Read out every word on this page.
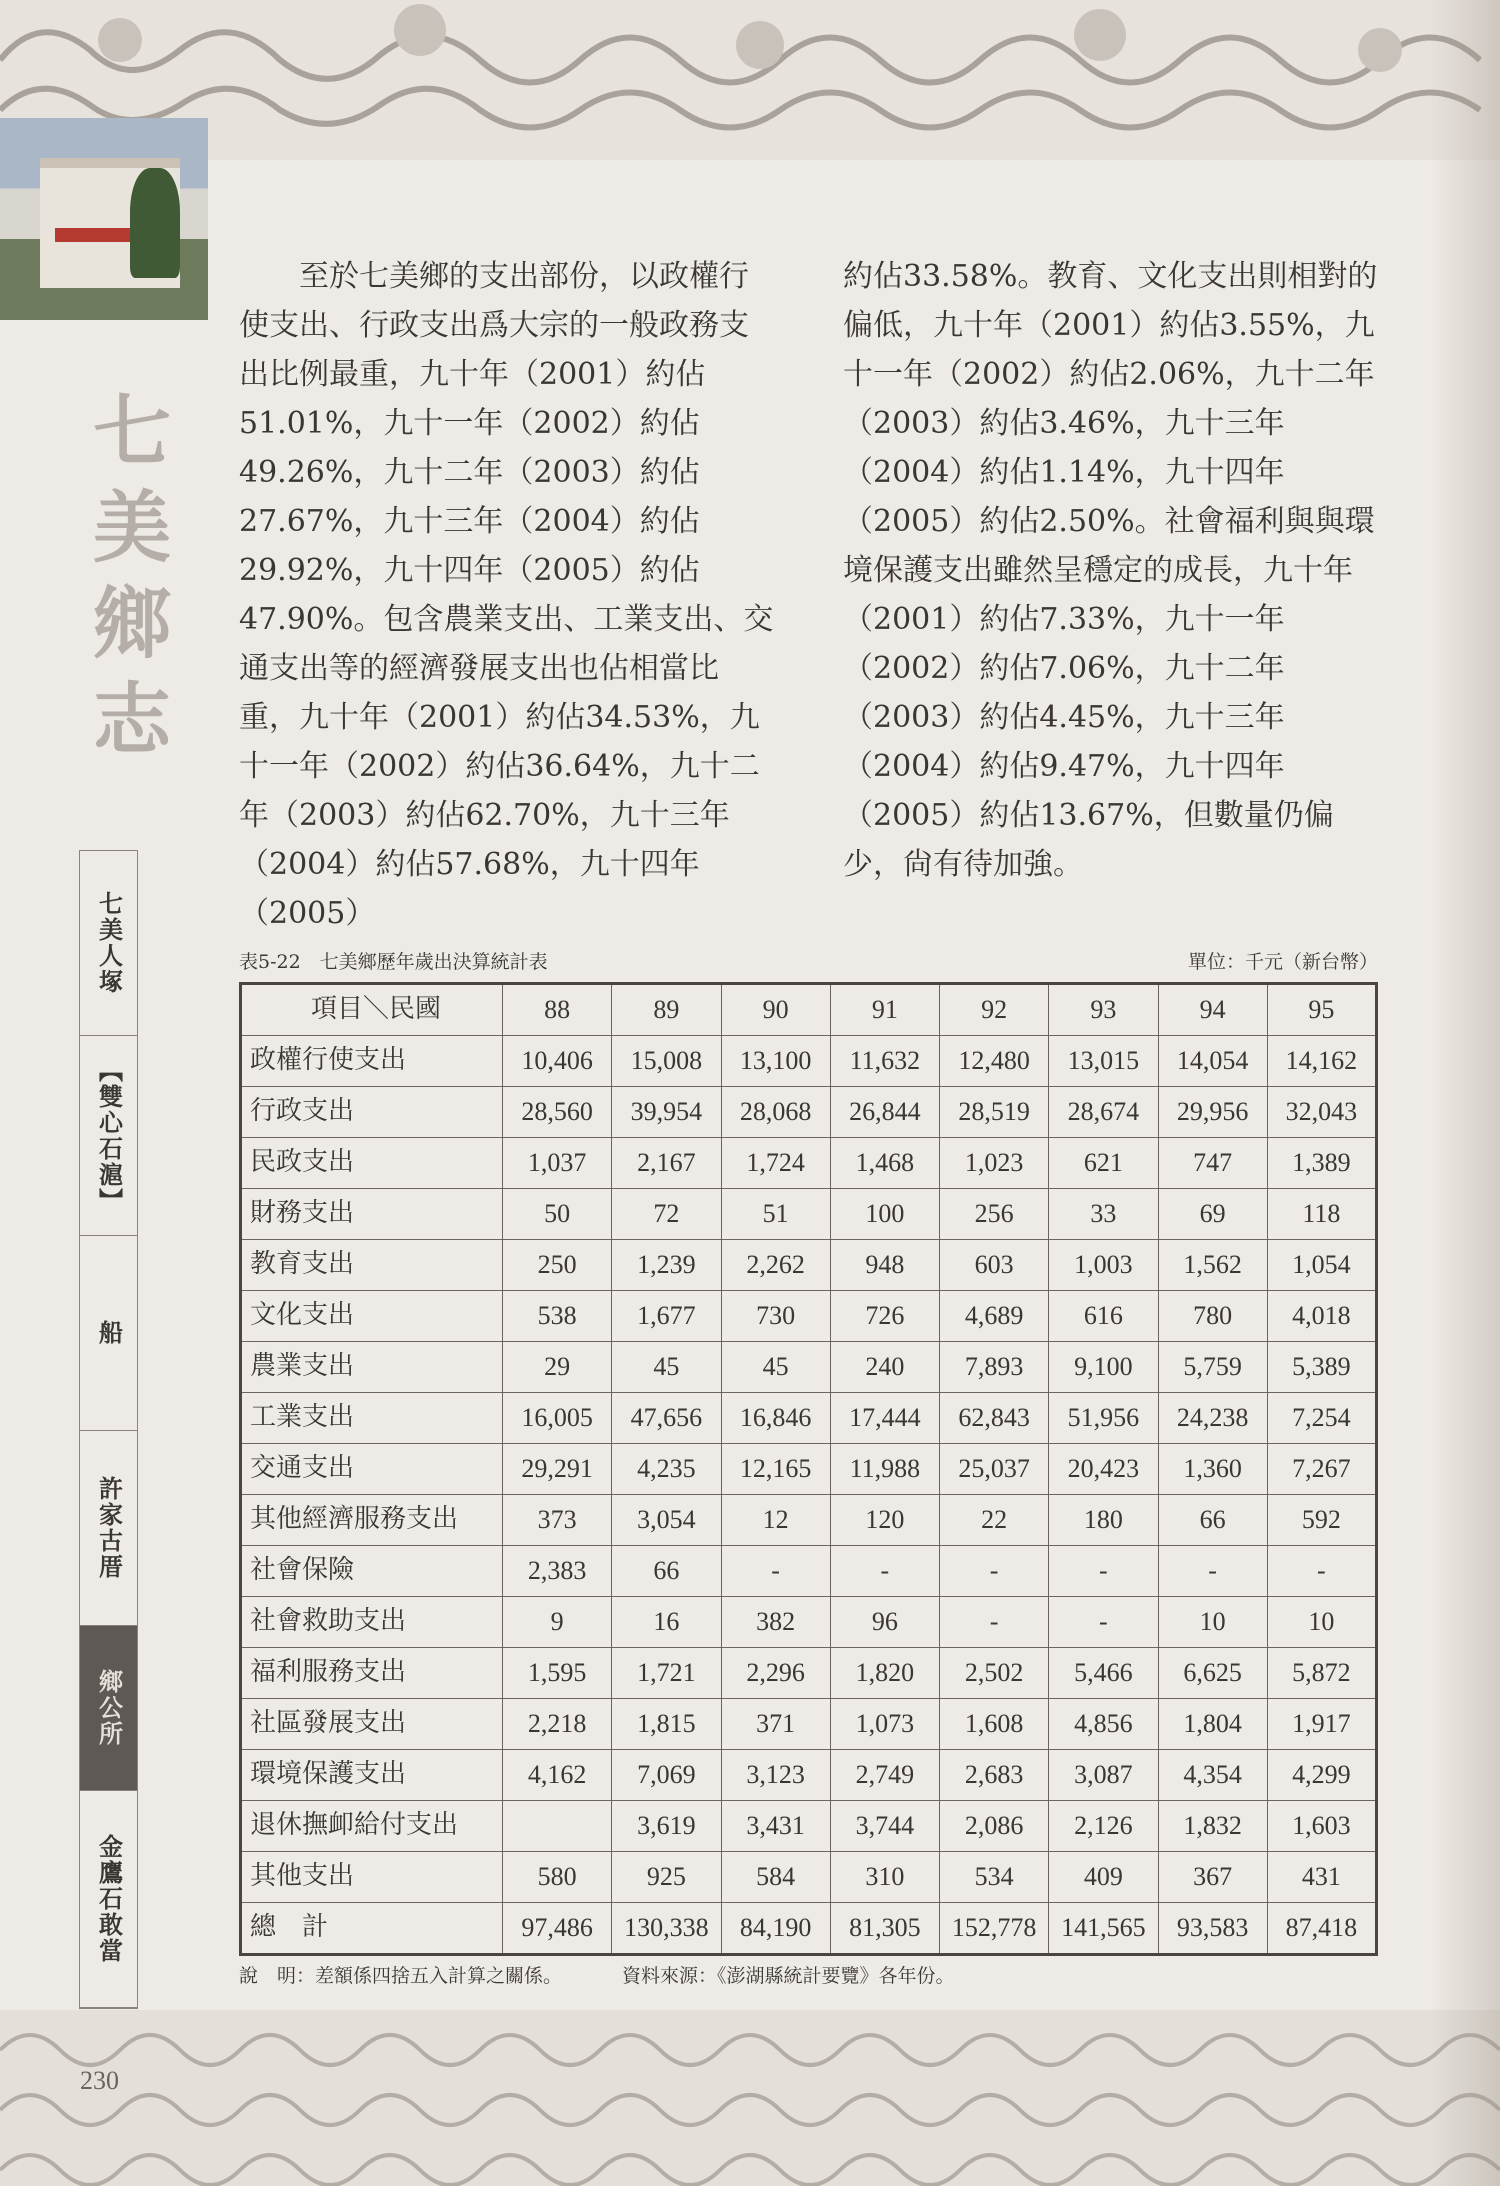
七美鄉志

至於七美鄉的支出部份，以政權行使支出、行政支出爲大宗的一般政務支出比例最重，九十年（2001）約佔51.01%，九十一年（2002）約佔49.26%，九十二年（2003）約佔27.67%，九十三年（2004）約佔29.92%，九十四年（2005）約佔47.90%。包含農業支出、工業支出、交通支出等的經濟發展支出也佔相當比重，九十年（2001）約佔34.53%，九十一年（2002）約佔36.64%，九十二年（2003）約佔62.70%，九十三年（2004）約佔57.68%，九十四年（2005）

約佔33.58%。教育、文化支出則相對的偏低，九十年（2001）約佔3.55%，九十一年（2002）約佔2.06%，九十二年（2003）約佔3.46%，九十三年（2004）約佔1.14%，九十四年（2005）約佔2.50%。社會福利與與環境保護支出雖然呈穩定的成長，九十年（2001）約佔7.33%，九十一年（2002）約佔7.06%，九十二年（2003）約佔4.45%，九十三年（2004）約佔9.47%，九十四年（2005）約佔13.67%，但數量仍偏少，尙有待加強。

表5-22　七美鄉歷年歲出決算統計表	單位：千元（新台幣）
項目＼民國	88	89	90	91	92	93	94	95
政權行使支出	10,406	15,008	13,100	11,632	12,480	13,015	14,054	14,162
行政支出	28,560	39,954	28,068	26,844	28,519	28,674	29,956	32,043
民政支出	1,037	2,167	1,724	1,468	1,023	621	747	1,389
財務支出	50	72	51	100	256	33	69	118
教育支出	250	1,239	2,262	948	603	1,003	1,562	1,054
文化支出	538	1,677	730	726	4,689	616	780	4,018
農業支出	29	45	45	240	7,893	9,100	5,759	5,389
工業支出	16,005	47,656	16,846	17,444	62,843	51,956	24,238	7,254
交通支出	29,291	4,235	12,165	11,988	25,037	20,423	1,360	7,267
其他經濟服務支出	373	3,054	12	120	22	180	66	592
社會保險	2,383	66	-	-	-	-	-	-
社會救助支出	9	16	382	96	-	-	10	10
福利服務支出	1,595	1,721	2,296	1,820	2,502	5,466	6,625	5,872
社區發展支出	2,218	1,815	371	1,073	1,608	4,856	1,804	1,917
環境保護支出	4,162	7,069	3,123	2,749	2,683	3,087	4,354	4,299
退休撫卹給付支出		3,619	3,431	3,744	2,086	2,126	1,832	1,603
其他支出	580	925	584	310	534	409	367	431
總　計	97,486	130,338	84,190	81,305	152,778	141,565	93,583	87,418
說　明：差額係四捨五入計算之關係。	資料來源：《澎湖縣統計要覽》各年份。
七美人塚
【雙心石滬】
船
許家古厝
鄉公所
金鷹石敢當
230
